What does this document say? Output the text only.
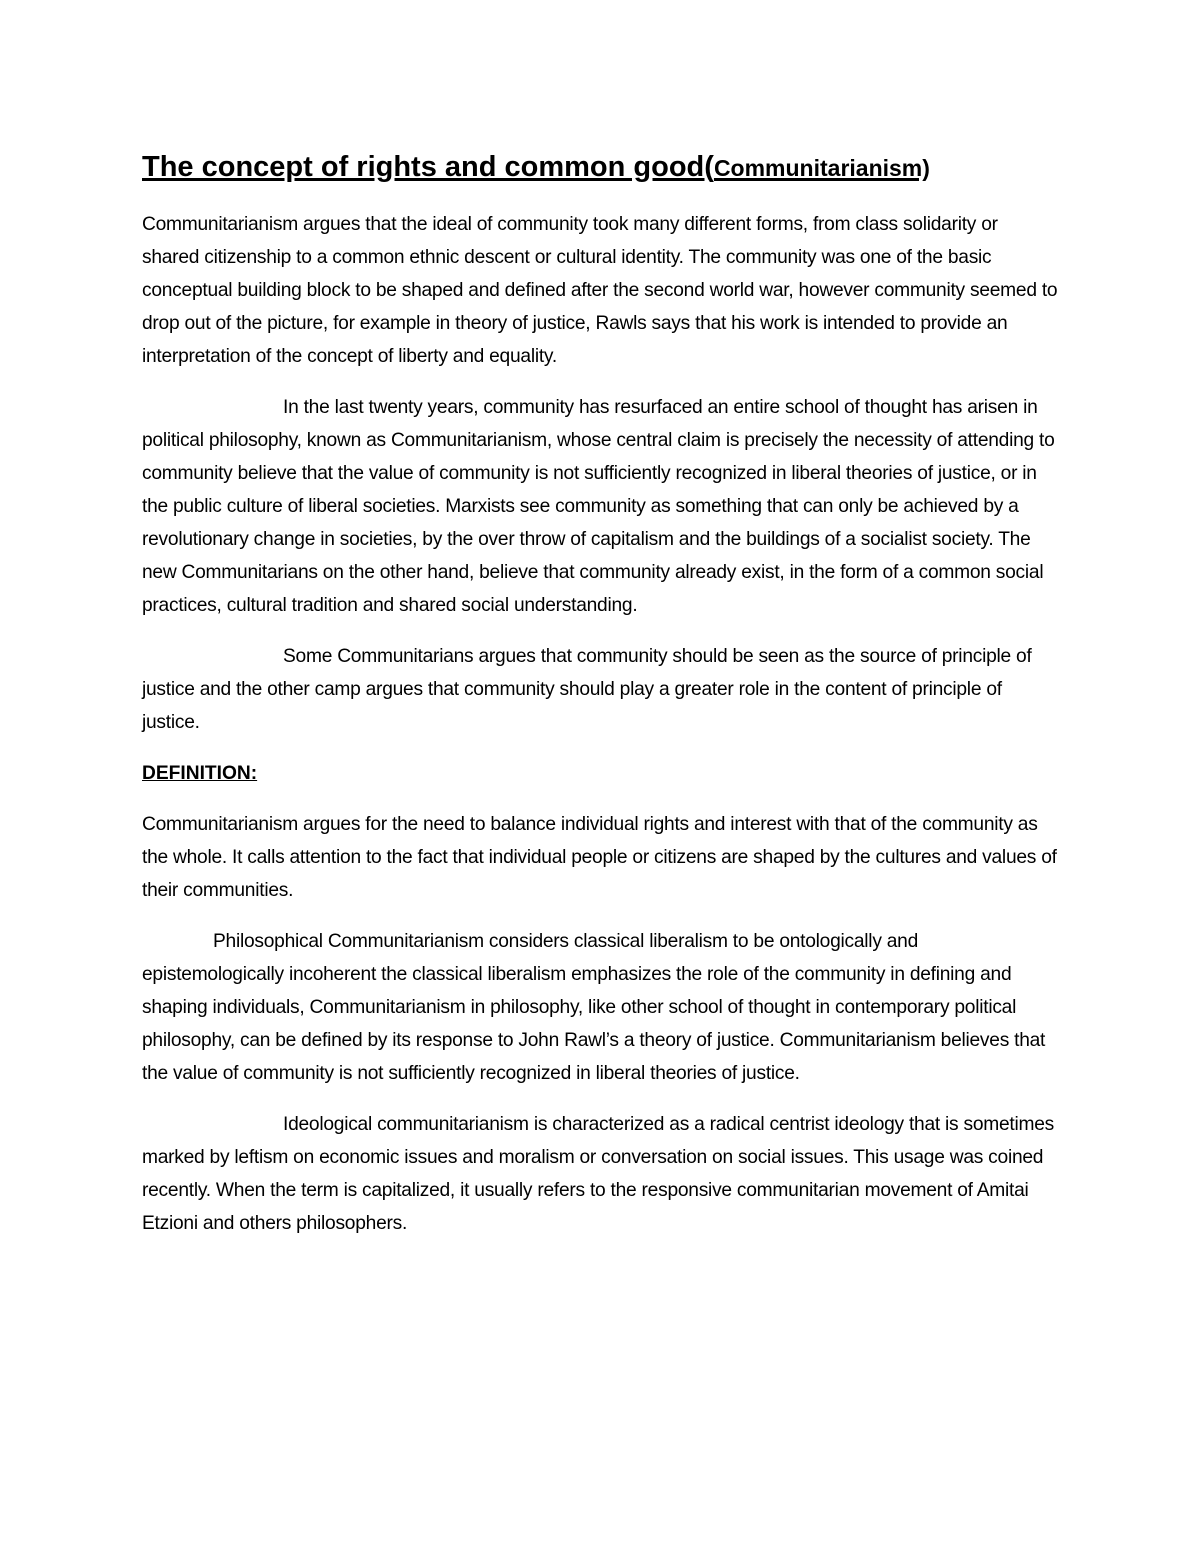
The concept of rights and common good(Communitarianism)

Communitarianism argues that the ideal of community took many different forms, from class solidarity or shared citizenship to a common ethnic descent or cultural identity. The community was one of the basic conceptual building block to be shaped and defined after the second world war, however community seemed to drop out of the picture, for example in theory of justice, Rawls says that his work is intended to provide an interpretation of the concept of liberty and equality.

In the last twenty years, community has resurfaced an entire school of thought has arisen in political philosophy, known as Communitarianism, whose central claim is precisely the necessity of attending to community believe that the value of community is not sufficiently recognized in liberal theories of justice, or in the public culture of liberal societies. Marxists see community as something that can only be achieved by a revolutionary change in societies, by the over throw of capitalism and the buildings of a socialist society. The new Communitarians on the other hand, believe that community already exist, in the form of a common social practices, cultural tradition and shared social understanding.

Some Communitarians argues that community should be seen as the source of principle of justice and the other camp argues that community should play a greater role in the content of principle of justice.

DEFINITION:

Communitarianism argues for the need to balance individual rights and interest with that of the community as the whole. It calls attention to the fact that individual people or citizens are shaped by the cultures and values of their communities.

Philosophical Communitarianism considers classical liberalism to be ontologically and epistemologically incoherent the classical liberalism emphasizes the role of the community in defining and shaping individuals, Communitarianism in philosophy, like other school of thought in contemporary political philosophy, can be defined by its response to John Rawl’s a theory of justice. Communitarianism believes that the value of community is not sufficiently recognized in liberal theories of justice.

Ideological communitarianism is characterized as a radical centrist ideology that is sometimes marked by leftism on economic issues and moralism or conversation on social issues. This usage was coined recently. When the term is capitalized, it usually refers to the responsive communitarian movement of Amitai Etzioni and others philosophers.
